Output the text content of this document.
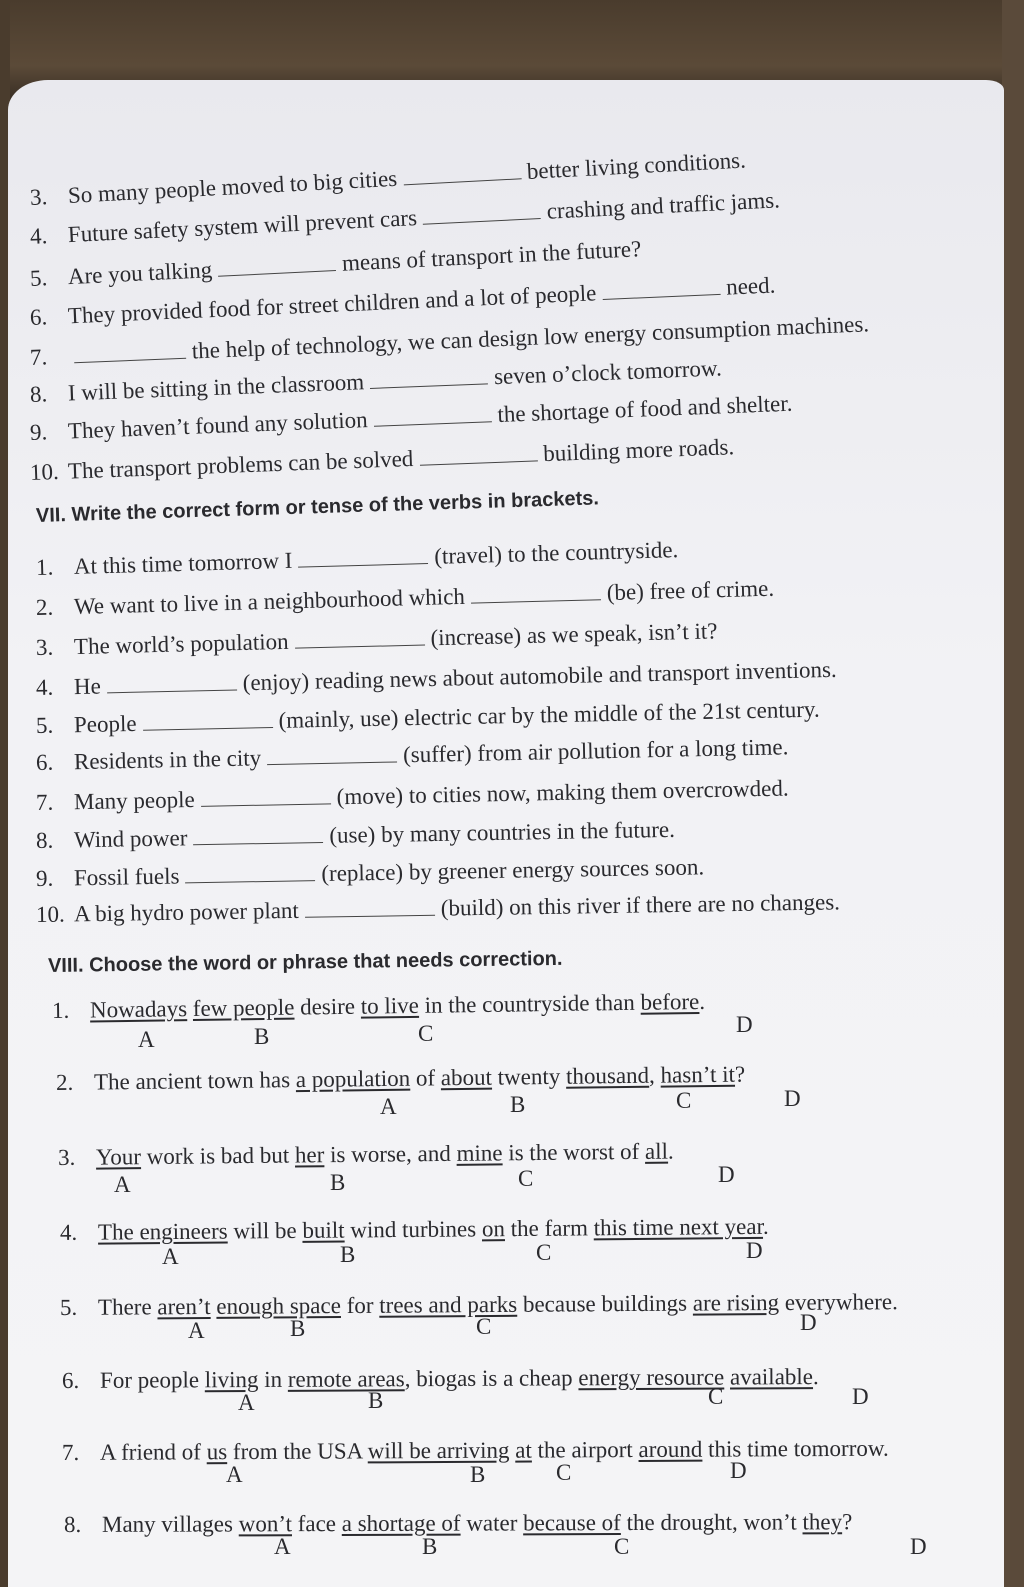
3. So many people moved to big citiesbetter living conditions.
4. Future safety system will prevent cars	crashing and traffic jams.
5. Are you talking	means of transport in the future?
6. They provided food for street children and a lot of people	need.
7.	the help of technology, we can design low energy consumption machines.
8. I will be sitting in the classroom	seven o’clock tomorrow.
9. They haven’t found any solution	the shortage of food and shelter.
10. The transport problems can be solved	building more roads.
VII. Write the correct form or tense of the verbs in brackets.
1. At this time tomorrow I	(travel) to the countryside.
2. We want to live in a neighbourhood which	(be) free of crime.
3. The world’s population	(increase) as we speak, isn’t it?
4. He	(enjoy) reading news about automobile and transport inventions.
5. People	(mainly, use) electric car by the middle of the 21st century.
6. Residents in the city	(suffer) from air pollution for a long time.
7. Many people	(move) to cities now, making them overcrowded.
8. Wind power	(use) by many countries in the future.
9. Fossil fuels	(replace) by greener energy sources soon.
10. A big hydro power plant	(build) on this river if there are no changes.
VIII. Choose the word or phrase that needs correction.
1. Nowadays few people desire to live in the countryside than before.
A	B	C	D
2. The ancient town has a population of about twenty thousand, hasn’t it?
A	B	C	D
3. Your work is bad but her is worse, and mine is the worst of all.
A	B	C	D
4. The engineers will be built wind turbines on the farm this time next year.
A	B	C	D
5. There aren’t enough space for trees and parks because buildings are rising everywhere.
A	B	C	D
6. For people living in remote areas, biogas is a cheap energy resource available.
A	B	C	D
7. A friend of us from the USA will be arriving at the airport around this time tomorrow.
A	B	C	D
8. Many villages won’t face a shortage of water because of the drought, won’t they?
A	B	C	D
